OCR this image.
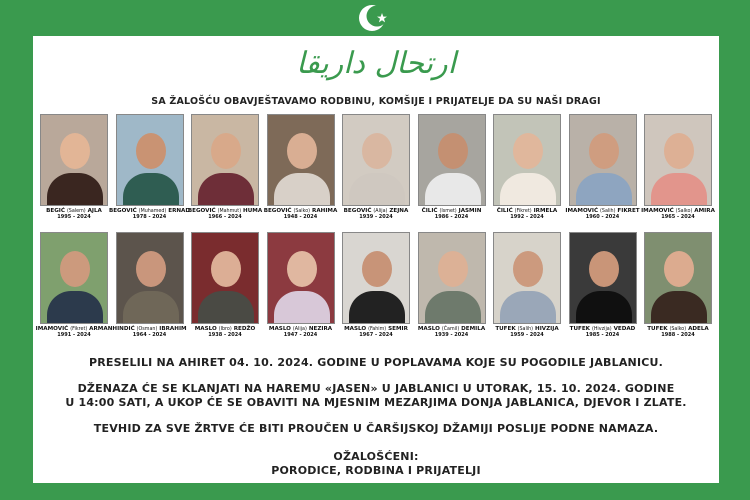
ارتحال داريقا
SA ŽALOŠĆU OBAVJEŠTAVAMO RODBINU, KOMŠIJE I PRIJATELJE DA SU NAŠI DRAGI
BEGIĆ (Salem) AJLA
1995 - 2024
BEGOVIĆ (Muhamed) ERNAD
1978 - 2024
BEGOVIĆ (Mahmut) HUMA
1966 - 2024
BEGOVIĆ (Salko) RAHIMA
1948 - 2024
BEGOVIĆ (Alija) ZEJNA
1939 - 2024
ČILIĆ (Ismet) JASMIN
1986 - 2024
ČILIĆ (Fikret) IRMELA
1992 - 2024
IMAMOVIĆ (Salih) FIKRET
1960 - 2024
IMAMOVIĆ (Salko) AMIRA
1965 - 2024
IMAMOVIĆ (Fikret) ARMAN
1991 - 2024
HINDIĆ (Osman) IBRAHIM
1964 - 2024
MASLO (Ibro) REDŽO
1938 - 2024
MASLO (Alija) NEZIRA
1947 - 2024
MASLO (Fahim) SEMIR
1967 - 2024
MASLO (Ćamil) DEMILA
1939 - 2024
TUFEK (Salih) HIVZIJA
1959 - 2024
TUFEK (Hivzija) VEDAD
1985 - 2024
TUFEK (Salko) ADELA
1988 - 2024
PRESELILI NA AHIRET 04. 10. 2024. GODINE U POPLAVAMA KOJE SU POGODILE JABLANICU.
DŽENAZA ĆE SE KLANJATI NA HAREMU «JASEN» U JABLANICI U UTORAK, 15. 10. 2024. GODINE
U 14:00 SATI, A UKOP ĆE SE OBAVITI NA MJESNIM MEZARJIMA DONJA JABLANICA, DJEVOR I ZLATE.
TEVHID ZA SVE ŽRTVE ĆE BITI PROUČEN U ČARŠIJSKOJ DŽAMIJI POSLIJE PODNE NAMAZA.
OŽALOŠĆENI:
PORODICE, RODBINA I PRIJATELJI
